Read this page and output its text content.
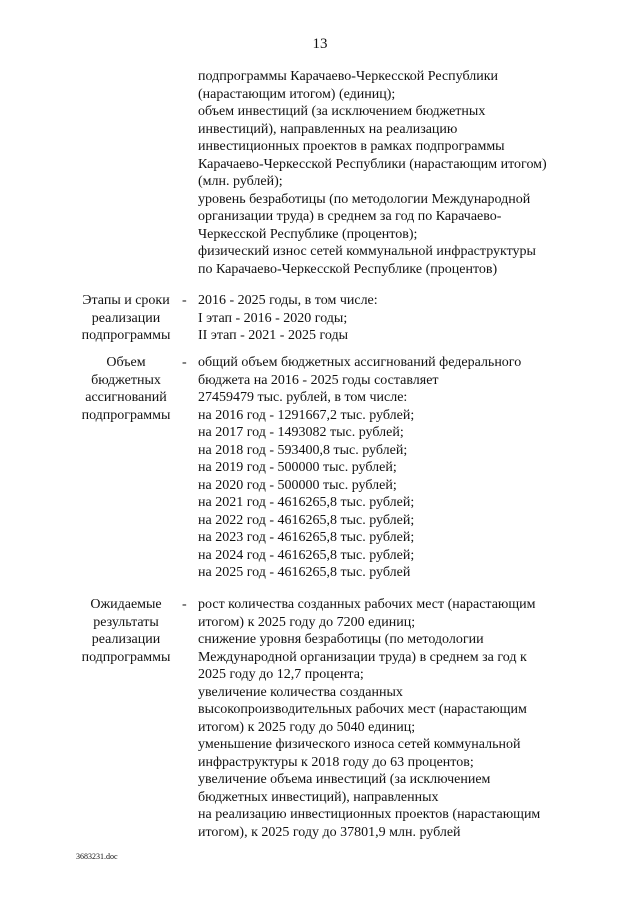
13
подпрограммы Карачаево-Черкесской Республики
(нарастающим итогом) (единиц);
объем инвестиций (за исключением бюджетных
инвестиций), направленных на реализацию
инвестиционных проектов в рамках подпрограммы
Карачаево-Черкесской Республики (нарастающим итогом)
(млн. рублей);
уровень безработицы (по методологии Международной
организации труда) в среднем за год по Карачаево-
Черкесской Республике (процентов);
физический износ сетей коммунальной инфраструктуры
по Карачаево-Черкесской Республике (процентов)
Этапы и сроки
реализации
подпрограммы
- 2016 - 2025 годы, в том числе:
I этап - 2016 - 2020 годы;
II этап - 2021 - 2025 годы
Объем
бюджетных
ассигнований
подпрограммы
- общий объем бюджетных ассигнований федерального
бюджета на 2016 - 2025 годы составляет
27459479 тыс. рублей, в том числе:
на 2016 год - 1291667,2 тыс. рублей;
на 2017 год - 1493082 тыс. рублей;
на 2018 год - 593400,8 тыс. рублей;
на 2019 год - 500000 тыс. рублей;
на 2020 год - 500000 тыс. рублей;
на 2021 год - 4616265,8 тыс. рублей;
на 2022 год - 4616265,8 тыс. рублей;
на 2023 год - 4616265,8 тыс. рублей;
на 2024 год - 4616265,8 тыс. рублей;
на 2025 год - 4616265,8 тыс. рублей
Ожидаемые
результаты
реализации
подпрограммы
- рост количества созданных рабочих мест (нарастающим
итогом) к 2025 году до 7200 единиц;
снижение уровня безработицы (по методологии
Международной организации труда) в среднем за год к
2025 году до 12,7 процента;
увеличение количества созданных
высокопроизводительных рабочих мест (нарастающим
итогом) к 2025 году до 5040 единиц;
уменьшение физического износа сетей коммунальной
инфраструктуры к 2018 году до 63 процентов;
увеличение объема инвестиций (за исключением
бюджетных инвестиций), направленных
на реализацию инвестиционных проектов (нарастающим
итогом), к 2025 году до 37801,9 млн. рублей
3683231.doc
